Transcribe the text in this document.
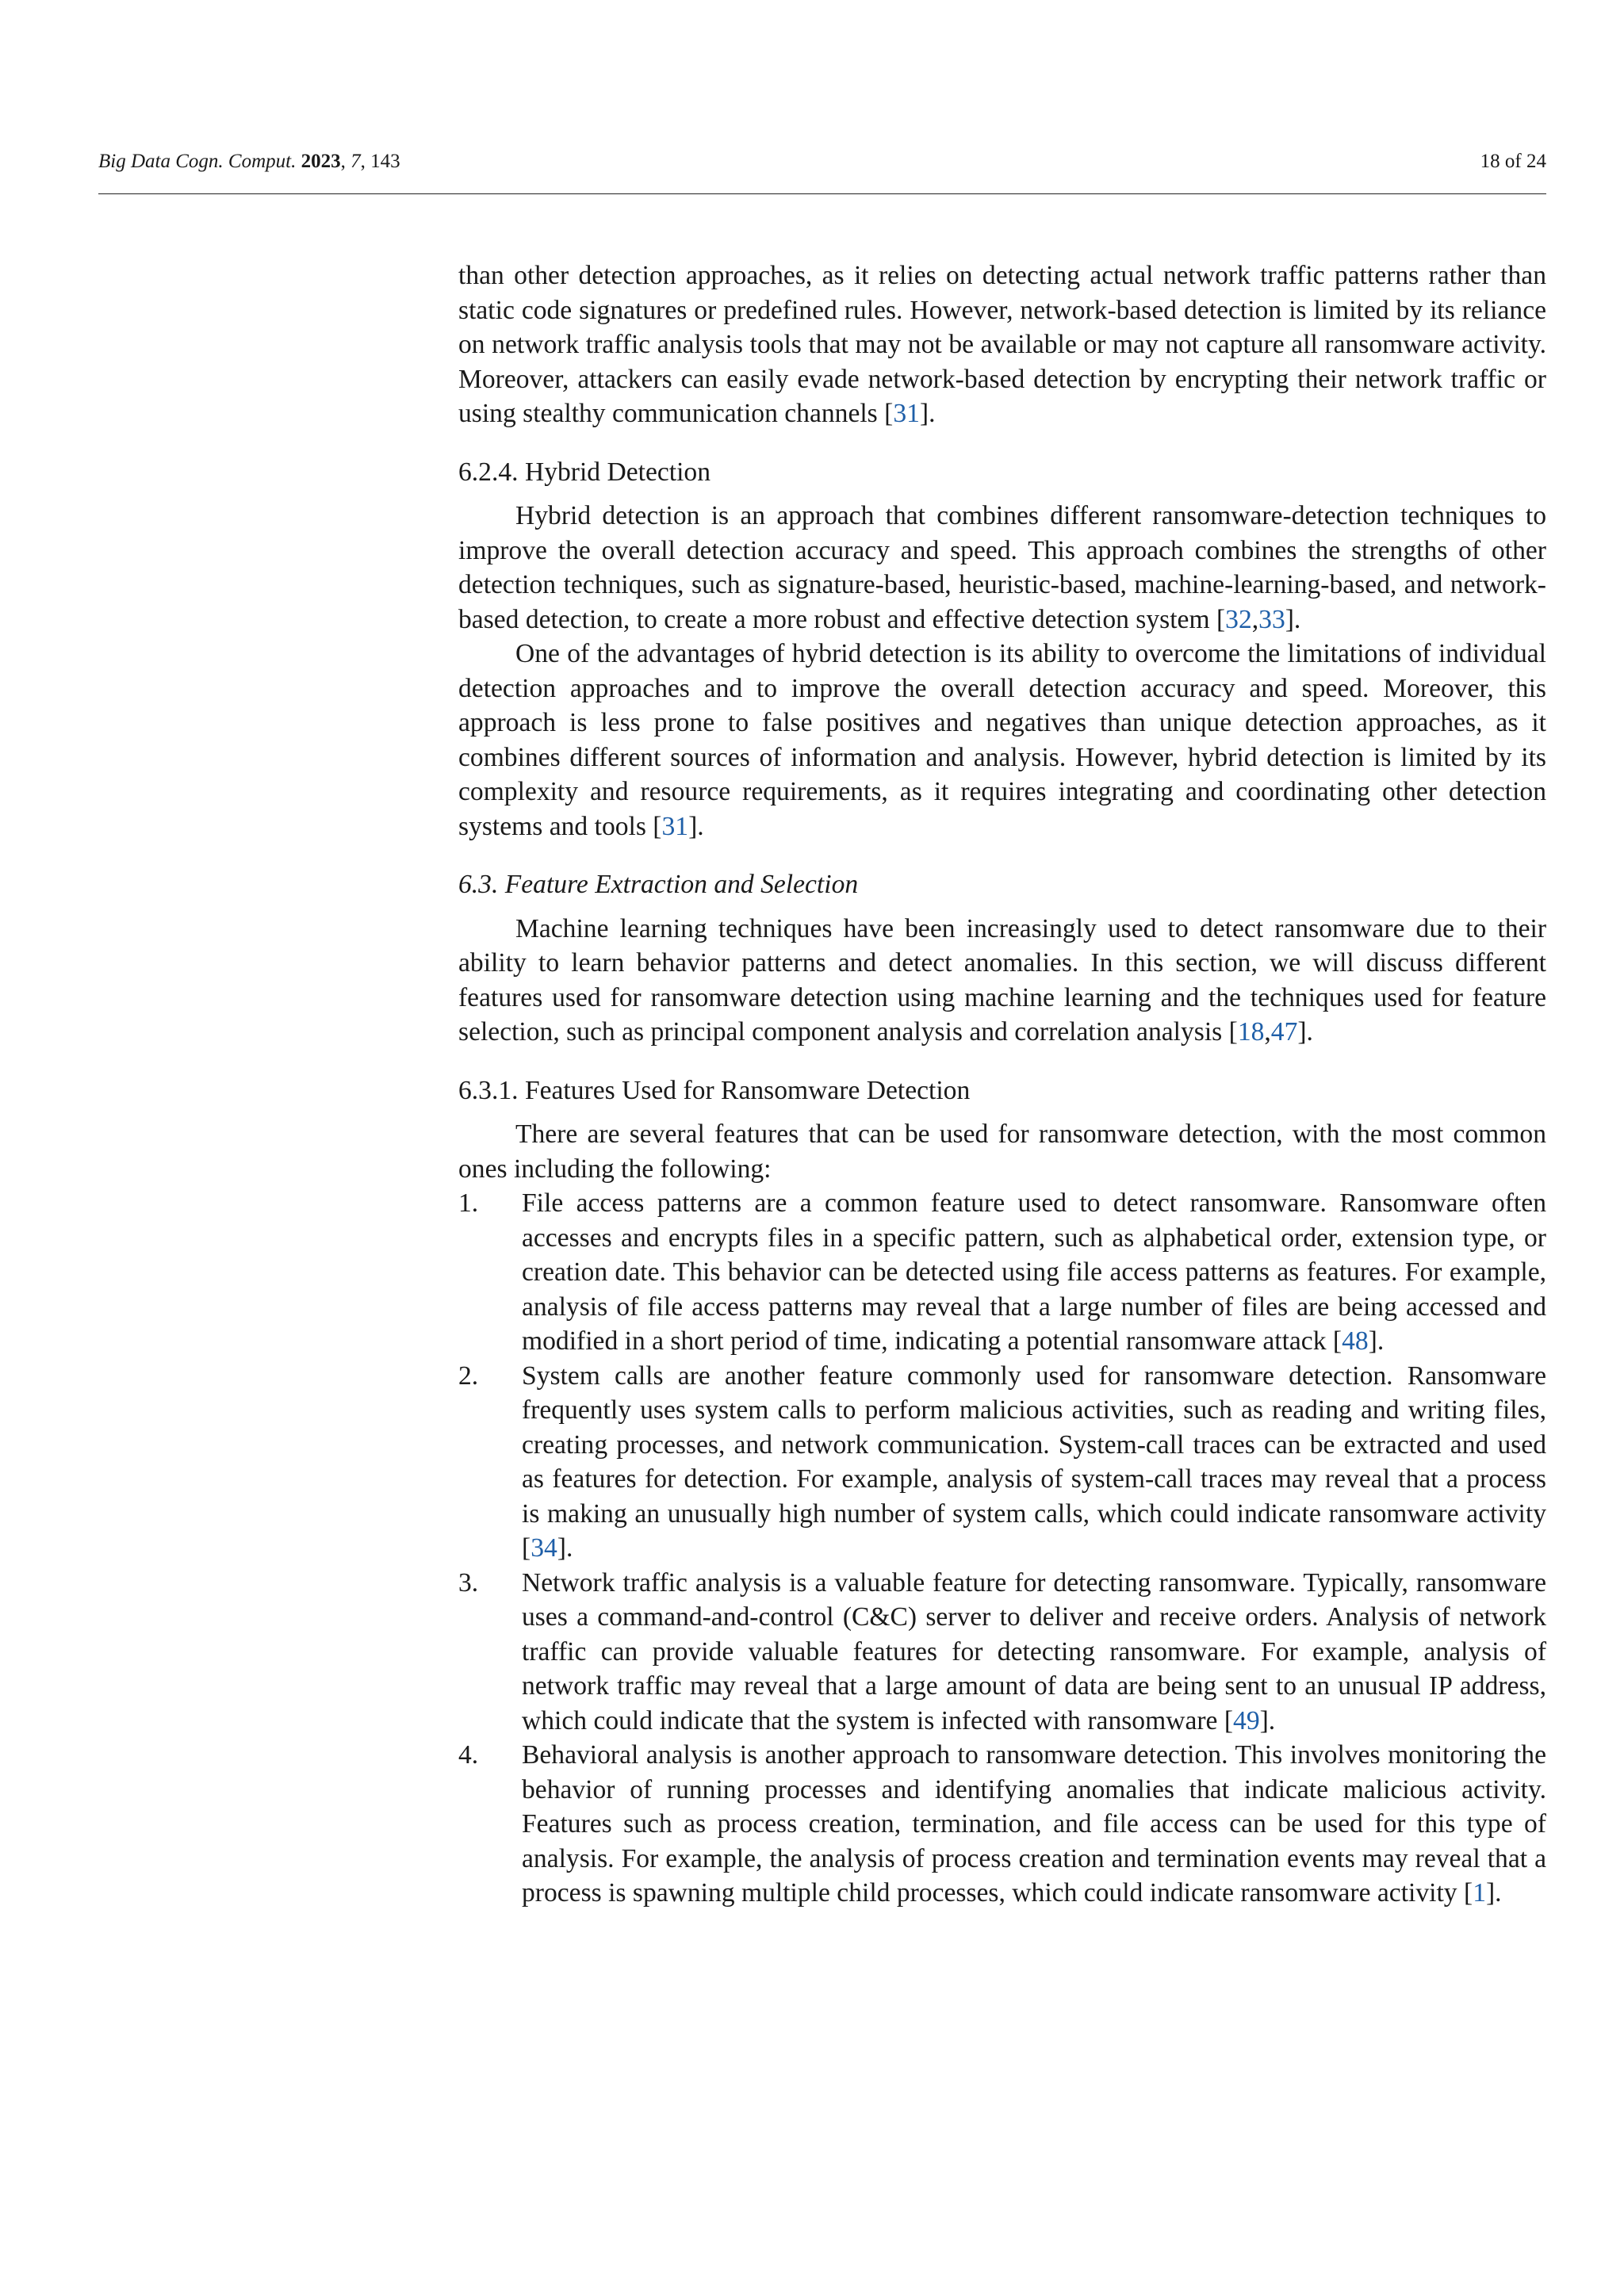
Big Data Cogn. Comput. 2023, 7, 143	18 of 24

than other detection approaches, as it relies on detecting actual network traffic patterns rather than static code signatures or predefined rules. However, network-based detection is limited by its reliance on network traffic analysis tools that may not be available or may not capture all ransomware activity. Moreover, attackers can easily evade network-based detection by encrypting their network traffic or using stealthy communication channels [31].

6.2.4. Hybrid Detection

Hybrid detection is an approach that combines different ransomware-detection techniques to improve the overall detection accuracy and speed. This approach combines the strengths of other detection techniques, such as signature-based, heuristic-based, machine-learning-based, and network-based detection, to create a more robust and effective detection system [32,33].

One of the advantages of hybrid detection is its ability to overcome the limitations of individual detection approaches and to improve the overall detection accuracy and speed. Moreover, this approach is less prone to false positives and negatives than unique detection approaches, as it combines different sources of information and analysis. However, hybrid detection is limited by its complexity and resource requirements, as it requires integrating and coordinating other detection systems and tools [31].

6.3. Feature Extraction and Selection

Machine learning techniques have been increasingly used to detect ransomware due to their ability to learn behavior patterns and detect anomalies. In this section, we will discuss different features used for ransomware detection using machine learning and the techniques used for feature selection, such as principal component analysis and correlation analysis [18,47].

6.3.1. Features Used for Ransomware Detection

There are several features that can be used for ransomware detection, with the most common ones including the following:

1. File access patterns are a common feature used to detect ransomware. Ransomware often accesses and encrypts files in a specific pattern, such as alphabetical order, extension type, or creation date. This behavior can be detected using file access patterns as features. For example, analysis of file access patterns may reveal that a large number of files are being accessed and modified in a short period of time, indicating a potential ransomware attack [48].
2. System calls are another feature commonly used for ransomware detection. Ransomware frequently uses system calls to perform malicious activities, such as reading and writing files, creating processes, and network communication. System-call traces can be extracted and used as features for detection. For example, analysis of system-call traces may reveal that a process is making an unusually high number of system calls, which could indicate ransomware activity [34].
3. Network traffic analysis is a valuable feature for detecting ransomware. Typically, ransomware uses a command-and-control (C&C) server to deliver and receive orders. Analysis of network traffic can provide valuable features for detecting ransomware. For example, analysis of network traffic may reveal that a large amount of data are being sent to an unusual IP address, which could indicate that the system is infected with ransomware [49].
4. Behavioral analysis is another approach to ransomware detection. This involves monitoring the behavior of running processes and identifying anomalies that indicate malicious activity. Features such as process creation, termination, and file access can be used for this type of analysis. For example, the analysis of process creation and termination events may reveal that a process is spawning multiple child processes, which could indicate ransomware activity [1].
